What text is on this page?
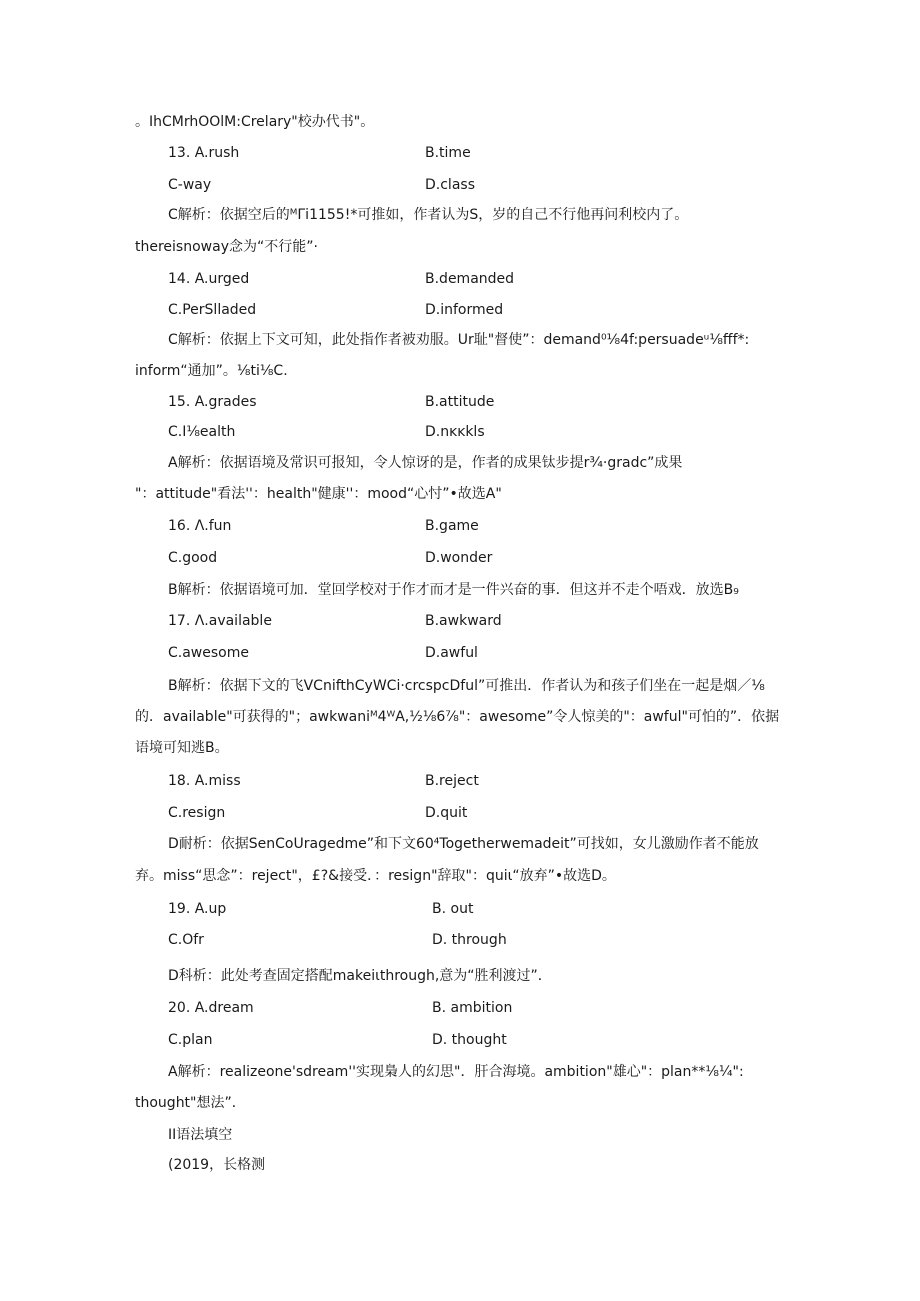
。IhCMrhOOlM:Crelary"校办代书"。
13. A.rush	B.time
C-way	D.class
C解析：依据空后的ᴹΓi1155!*可推如，作者认为S，岁的自己不行他再问利校内了。
thereisnoway念为“不行能”·
14. A.urged	B.demanded
C.PerSlladed	D.informed
C解析：依据上下文可知，此处指作者被劝服。Ur耻"督使”：demand⁰⅛4f:persuadeᵘ⅛fff*:
inform“通加”。⅛ti⅛C.
15. A.grades	B.attitude
C.I⅛ealth	D.nĸĸkls
A解析：依据语境及常识可报知，令人惊讶的是，作者的成果钛步提r¾·gradc”成果
"：attitude"看法''：health"健康''：mood“心忖”•故选A"
16. Λ.fun	B.game
C.good	D.wonder
B解析：依据语境可加．堂回学校对于作才而才是一件兴奋的事．但这并不走个唔戏．放选B₉
17. Λ.available	B.awkward
C.awesome	D.awful
B解析：依据下文的飞VCnifthCyWCi·crcspcDful”可推出．作者认为和孩子们坐在一起是烟／⅛
的．available"可获得的"；awkwaniᴹ4ᵂA,½⅛6⅞"：awesome”令人惊美的"：awful"可怕的”．依据
语境可知逃B。
18. A.miss	B.reject
C.resign	D.quit
D耐析：依据SenCoUragedme”和下文60⁴Togetherwemadeit”可找如，女儿激励作者不能放
弃。miss“思念”：reject"，£?&接受．：resign"辞取"：quiι“放弃”•故选D。
19. A.up	B. out
C.Ofr	D. through
D科析：此处考查固定搭配makeiιthrough,意为“胜利渡过”．
20. A.dream	B. ambition
C.plan	D. thought
A解析：realizeone'sdream''实现梟人的幻思"．肝合海境。ambition"雄心"：plan**⅛¼":
thought"想法”．
II语法填空
(2019，长格测
